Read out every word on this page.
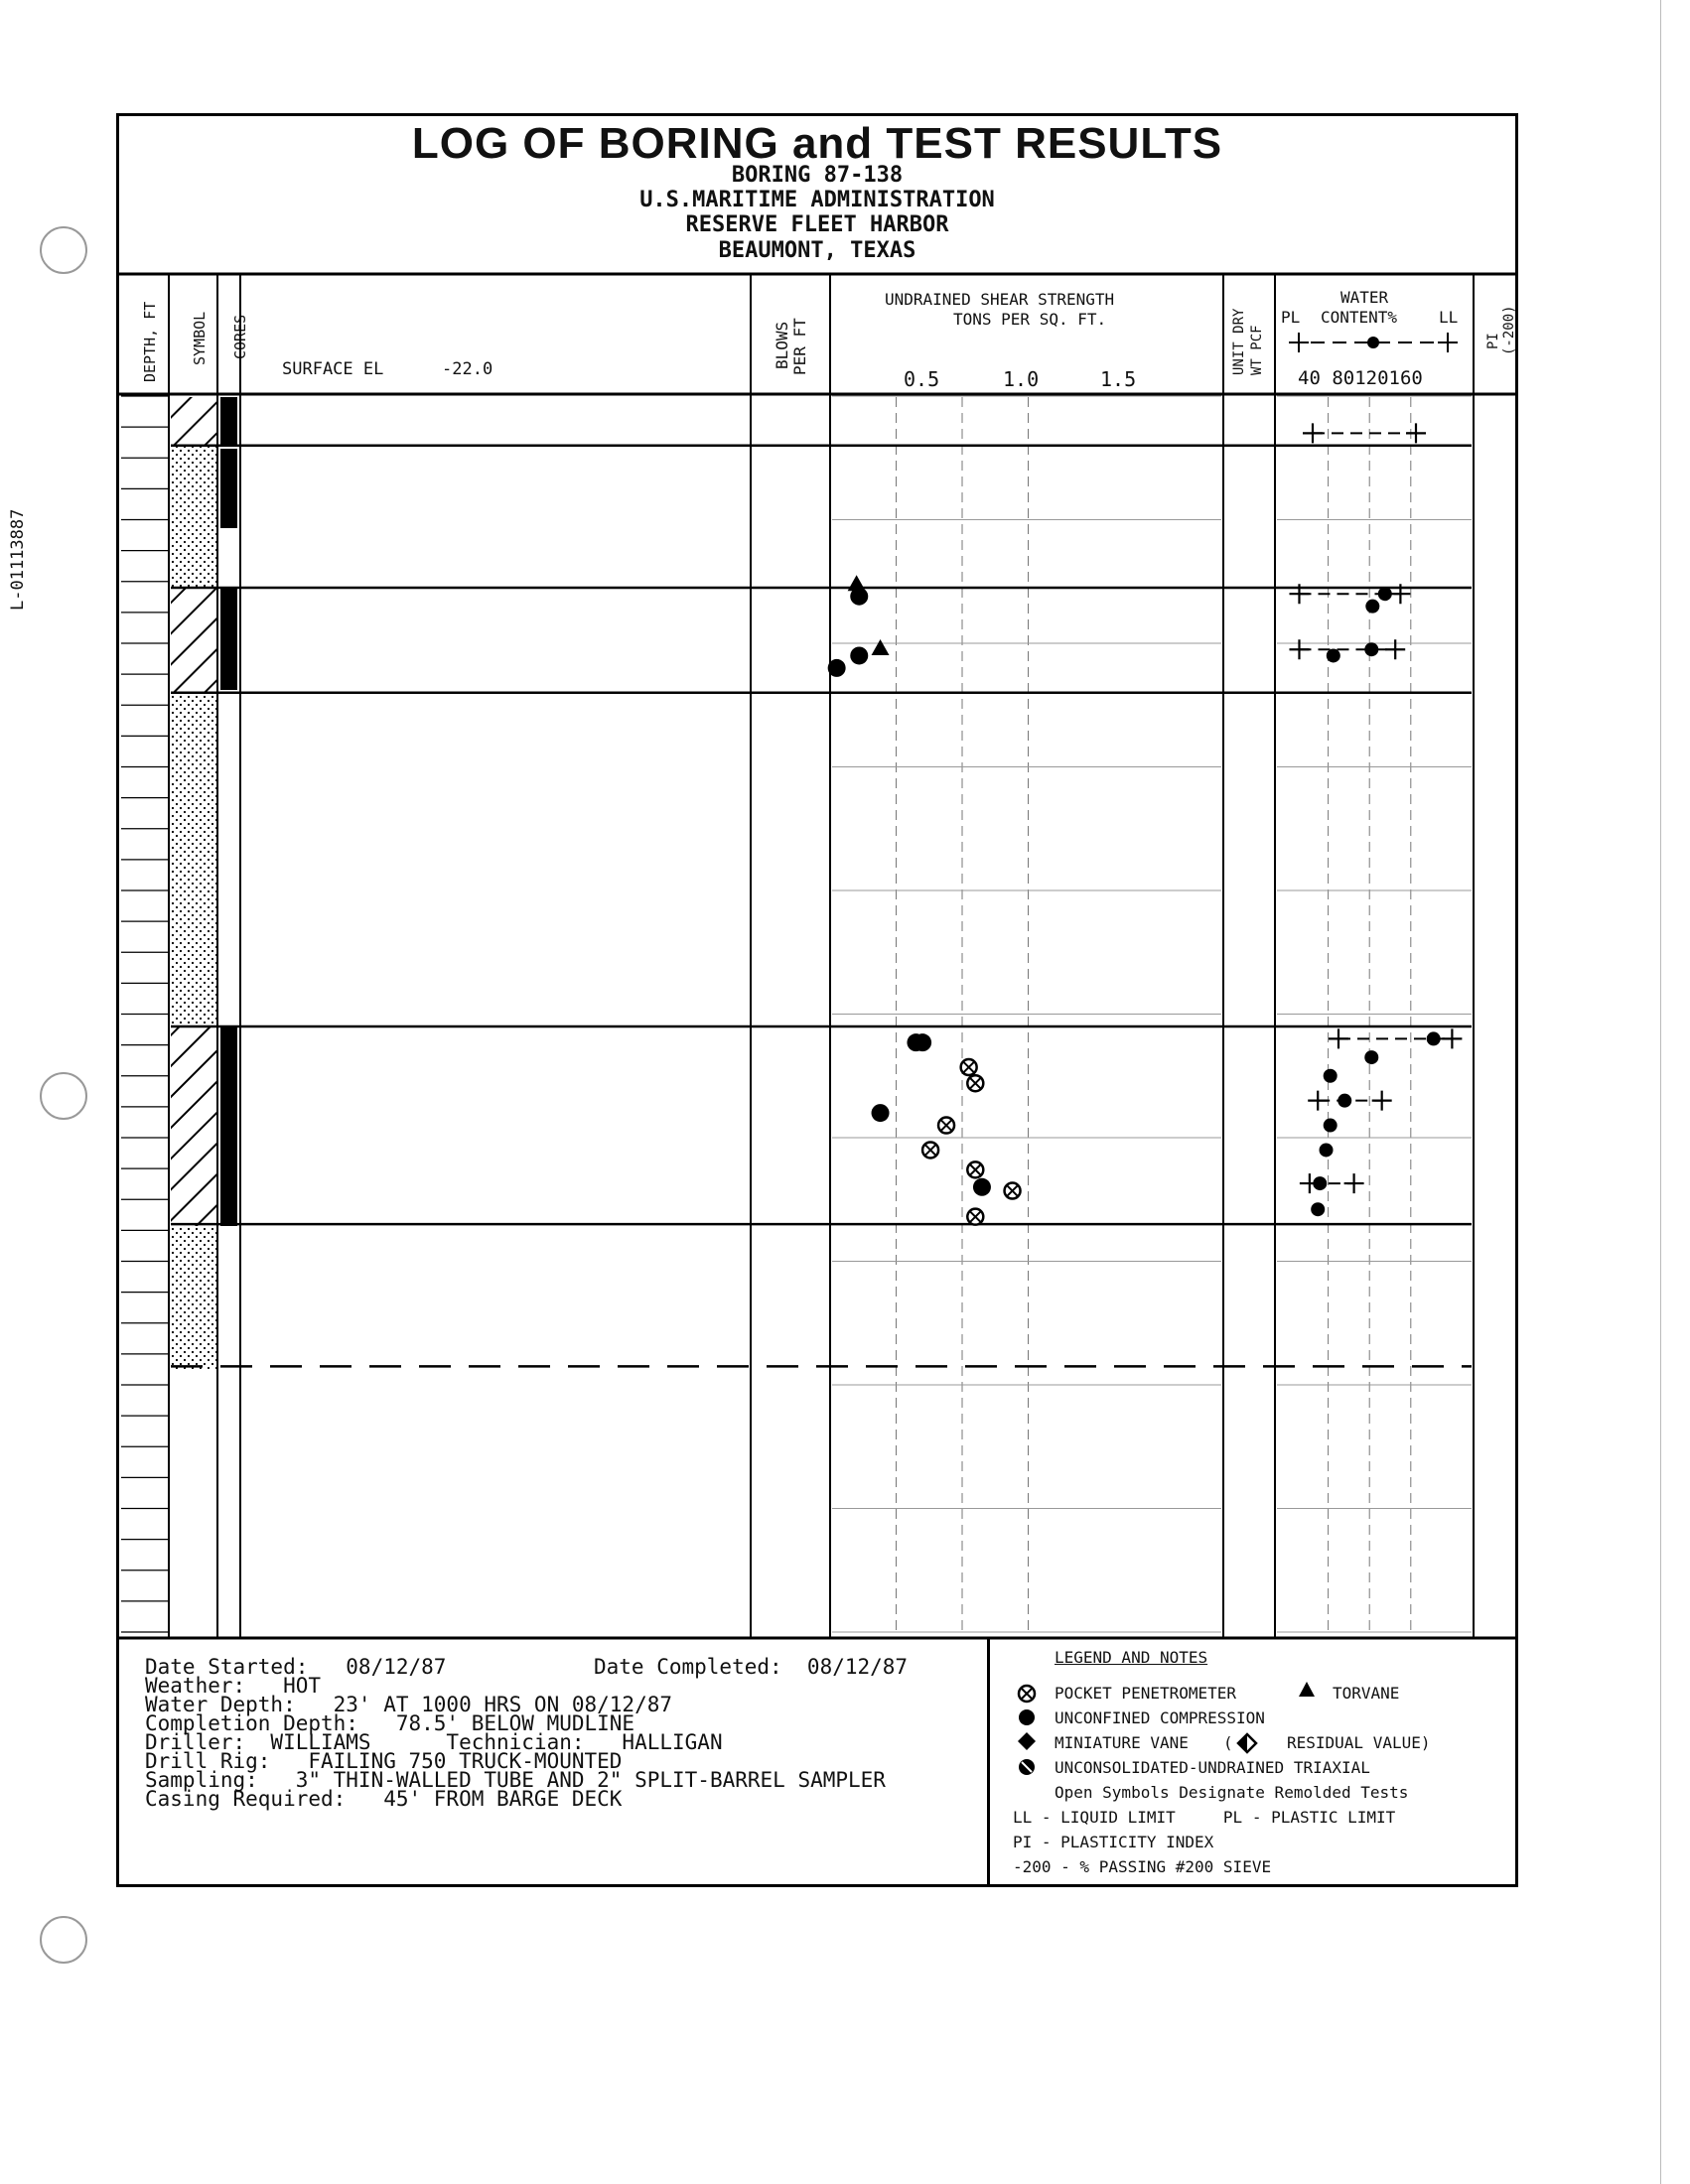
L-01113887
LOG OF BORING and TEST RESULTS
BORING 87-138
U.S.MARITIME ADMINISTRATION
RESERVE FLEET HARBOR
BEAUMONT, TEXAS
DEPTH, FT SYMBOL CORES
SURFACE EL	-22.0	BLOWS PER FT
UNDRAINED SHEAR STRENGTH
TONS PER SQ. FT.	UNIT DRY WT PCF
WATER
PL CONTENT%	LL
40 80120160
PI (-200)
0.5	1.0	1.5
Date Started:   08/12/87	Date Completed:  08/12/87
Weather:   HOT
Water Depth:   23' AT 1000 HRS ON 08/12/87
Completion Depth:   78.5' BELOW MUDLINE
Driller:  WILLIAMS      Technician:   HALLIGAN
Drill Rig:   FAILING 750 TRUCK-MOUNTED
Sampling:   3" THIN-WALLED TUBE AND 2" SPLIT-BARREL SAMPLER
Casing Required:   45' FROM BARGE DECK
LEGEND AND NOTES
POCKET PENETROMETER	TORVANE
UNCONFINED COMPRESSION
MINIATURE VANE (	RESIDUAL VALUE)
UNCONSOLIDATED-UNDRAINED TRIAXIAL
Open Symbols Designate Remolded Tests
LL - LIQUID LIMIT     PL - PLASTIC LIMIT
PI - PLASTICITY INDEX
-200 - % PASSING #200 SIEVE
